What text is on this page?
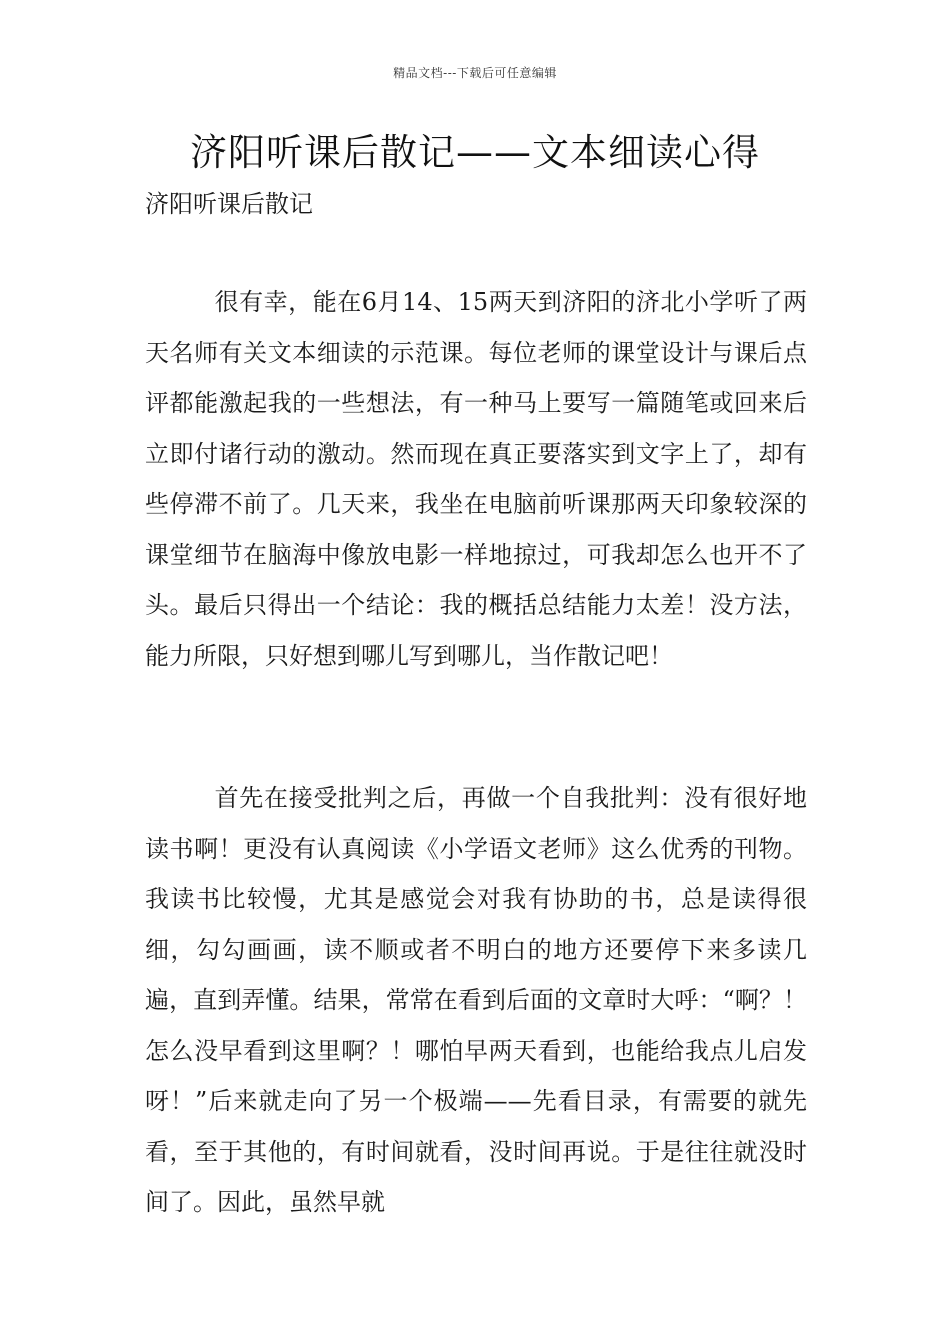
精品文档---下载后可任意编辑
济阳听课后散记——文本细读心得
济阳听课后散记

很有幸，能在6月14、15两天到济阳的济北小学听了两天名师有关文本细读的示范课。每位老师的课堂设计与课后点评都能激起我的一些想法，有一种马上要写一篇随笔或回来后立即付诸行动的激动。然而现在真正要落实到文字上了，却有些停滞不前了。几天来，我坐在电脑前听课那两天印象较深的课堂细节在脑海中像放电影一样地掠过，可我却怎么也开不了头。最后只得出一个结论：我的概括总结能力太差！没方法，能力所限，只好想到哪儿写到哪儿，当作散记吧！

首先在接受批判之后，再做一个自我批判：没有很好地读书啊！更没有认真阅读《小学语文老师》这么优秀的刊物。我读书比较慢，尤其是感觉会对我有协助的书，总是读得很细，勾勾画画，读不顺或者不明白的地方还要停下来多读几遍，直到弄懂。结果，常常在看到后面的文章时大呼：“啊？！怎么没早看到这里啊？！哪怕早两天看到，也能给我点儿启发呀！”后来就走向了另一个极端——先看目录，有需要的就先看，至于其他的，有时间就看，没时间再说。于是往往就没时间了。因此，虽然早就
